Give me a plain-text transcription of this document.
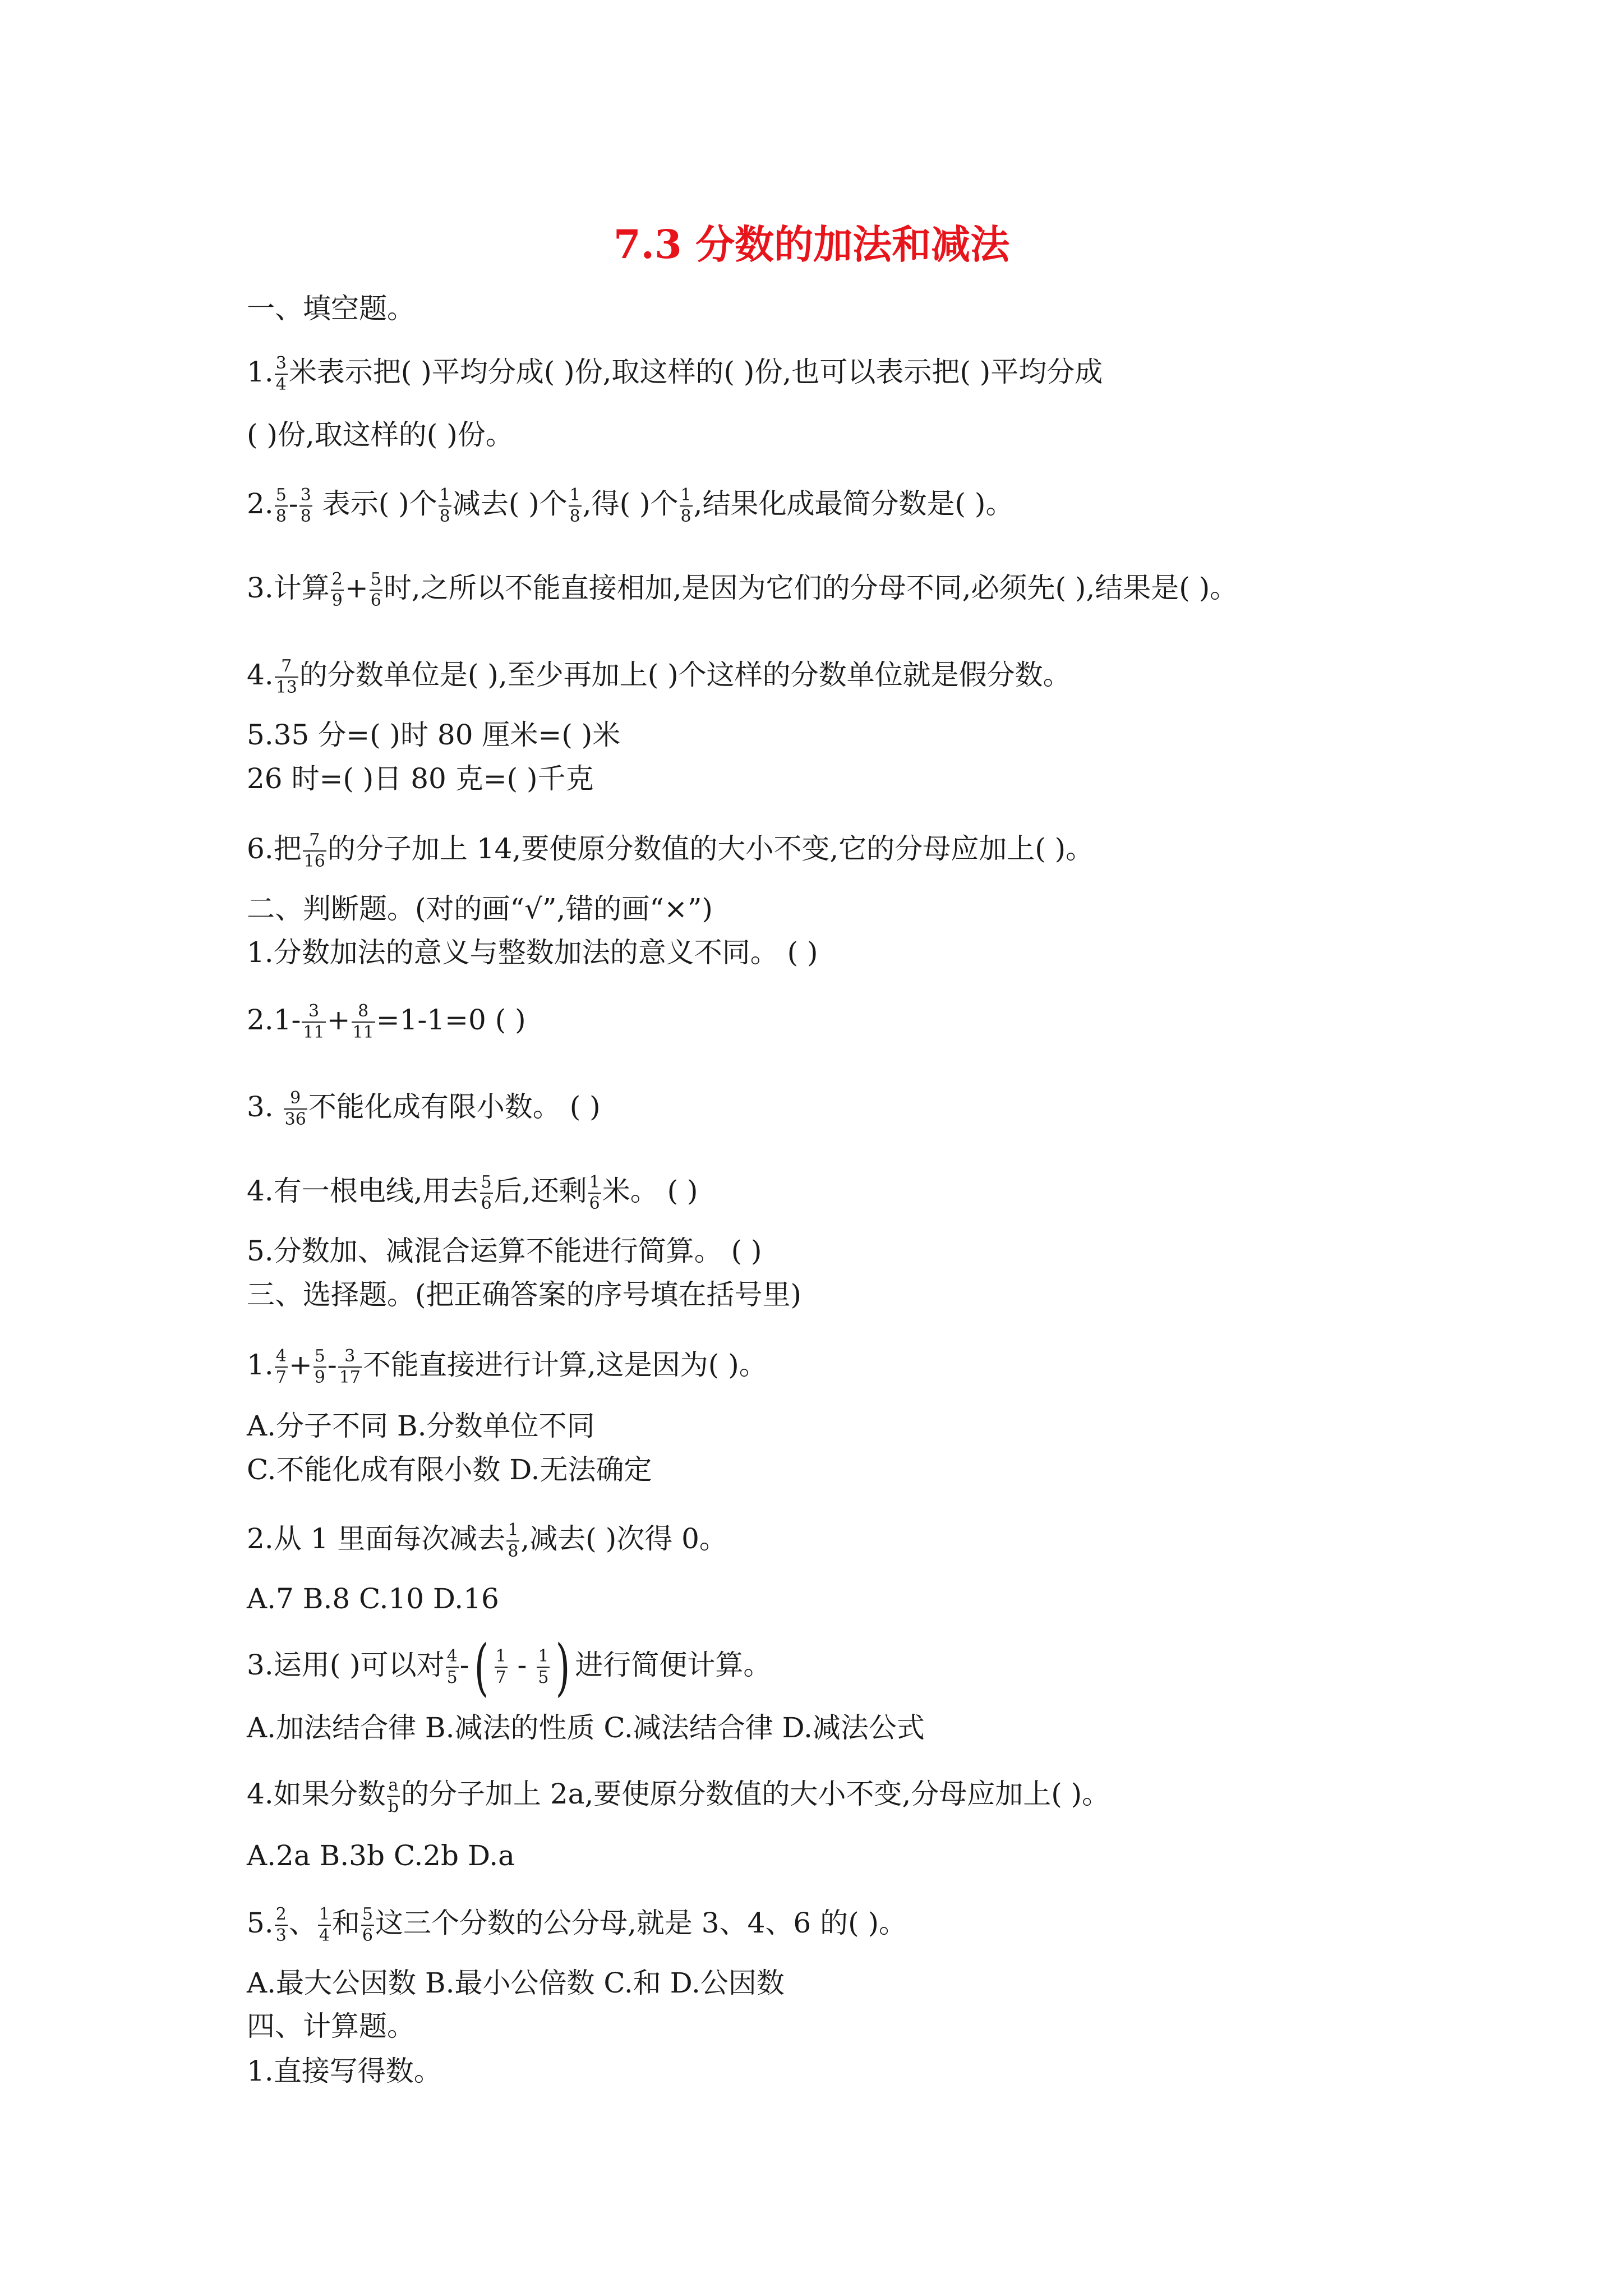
7.3 分数的加法和减法
一、填空题。
1. $\frac{3}{4}$ 米表示把( )平均分成( )份,取这样的( )份,也可以表示把( )平均分成
( )份,取这样的( )份。
2. $\frac{5}{8} - \frac{3}{8}$ 表示( )个 $\frac{1}{8}$ 减去( )个 $\frac{1}{8}$ ,得( )个 $\frac{1}{8}$ ,结果化成最简分数是( )。
3.计算 $\frac{2}{9} + \frac{5}{6}$ 时,之所以不能直接相加,是因为它们的分母不同,必须先( ),结果是( )。
4. $\frac{7}{13}$ 的分数单位是( ),至少再加上( )个这样的分数单位就是假分数。
5.35 分=( )时 80 厘米=( )米
26 时=( )日 80 克=( )千克
6.把 $\frac{7}{16}$ 的分子加上 14,要使原分数值的大小不变,它的分母应加上( )。
二、判断题。(对的画“√”,错的画“×”)
1.分数加法的意义与整数加法的意义不同。 ( )
$2.1- \frac{3}{11} + \frac{8}{11} =1-1=0$ ( )
3. $\frac{9}{36}$ 不能化成有限小数。 ( )
4.有一根电线,用去 $\frac{5}{6}$ 后,还剩 $\frac{1}{6}$ 米。 ( )
5.分数加、减混合运算不能进行简算。 ( )
三、选择题。(把正确答案的序号填在括号里)
1. $\frac{4}{7} + \frac{5}{9} - \frac{3}{17}$ 不能直接进行计算,这是因为( )。
A.分子不同 B.分数单位不同
C.不能化成有限小数 D.无法确定
2.从 1 里面每次减去 $\frac{1}{8}$ ,减去( )次得 0。
A.7 B.8 C.10 D.16
3.运用( )可以对 $\frac{4}{5}$ -( $\frac{1}{7} - \frac{1}{5}$ ) 进行简便计算。
A.加法结合律 B.减法的性质 C.减法结合律 D.减法公式
4.如果分数 $\frac{a}{b}$ 的分子加上 2a,要使原分数值的大小不变,分母应加上( )。
A.2a B.3b C.2b D.a
5. $\frac{2}{3}$ 、 $\frac{1}{4}$ 和 $\frac{5}{6}$ 这三个分数的公分母,就是 3、4、6 的( )。
A.最大公因数 B.最小公倍数 C.和 D.公因数
四、计算题。
1.直接写得数。
